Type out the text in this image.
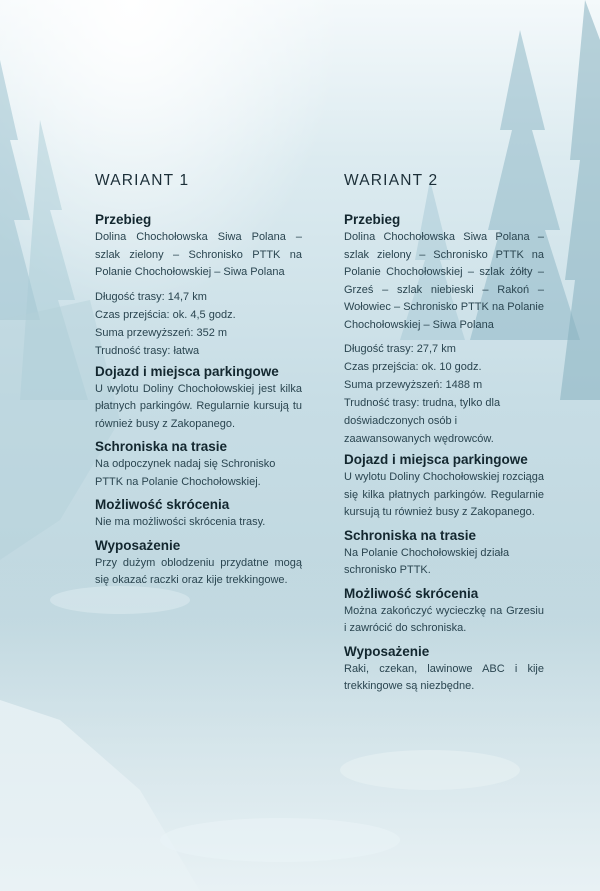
WARIANT 1
Przebieg

Dolina Chochołowska Siwa Polana – szlak zielony – Schronisko PTTK na Polanie Chochołowskiej – Siwa Polana

Długość trasy: 14,7 km
Czas przejścia: ok. 4,5 godz.
Suma przewyższeń: 352 m
Trudność trasy: łatwa
Dojazd i miejsca parkingowe

U wylotu Doliny Chochołowskiej jest kilka płatnych parkingów. Regularnie kursują tu również busy z Zakopanego.

Schroniska na trasie

Na odpoczynek nadaj się Schronisko PTTK na Polanie Chochołowskiej.

Możliwość skrócenia

Nie ma możliwości skrócenia trasy.

Wyposażenie

Przy dużym oblodzeniu przydatne mogą się okazać raczki oraz kije trekkingowe.

WARIANT 2
Przebieg

Dolina Chochołowska Siwa Polana – szlak zielony – Schronisko PTTK na Polanie Chochołowskiej – szlak żółty – Grześ – szlak niebieski – Rakoń – Wołowiec – Schronisko PTTK na Polanie Chochołowskiej – Siwa Polana

Długość trasy: 27,7 km
Czas przejścia: ok. 10 godz.
Suma przewyższeń: 1488 m
Trudność trasy: trudna, tylko dla doświadczonych osób i zaawansowanych wędrowców.
Dojazd i miejsca parkingowe

U wylotu Doliny Chochołowskiej rozciąga się kilka płatnych parkingów. Regularnie kursują tu również busy z Zakopanego.

Schroniska na trasie

Na Polanie Chochołowskiej działa schronisko PTTK.

Możliwość skrócenia

Można zakończyć wycieczkę na Grzesiu i zawrócić do schroniska.

Wyposażenie

Raki, czekan, lawinowe ABC i kije trekkingowe są niezbędne.
